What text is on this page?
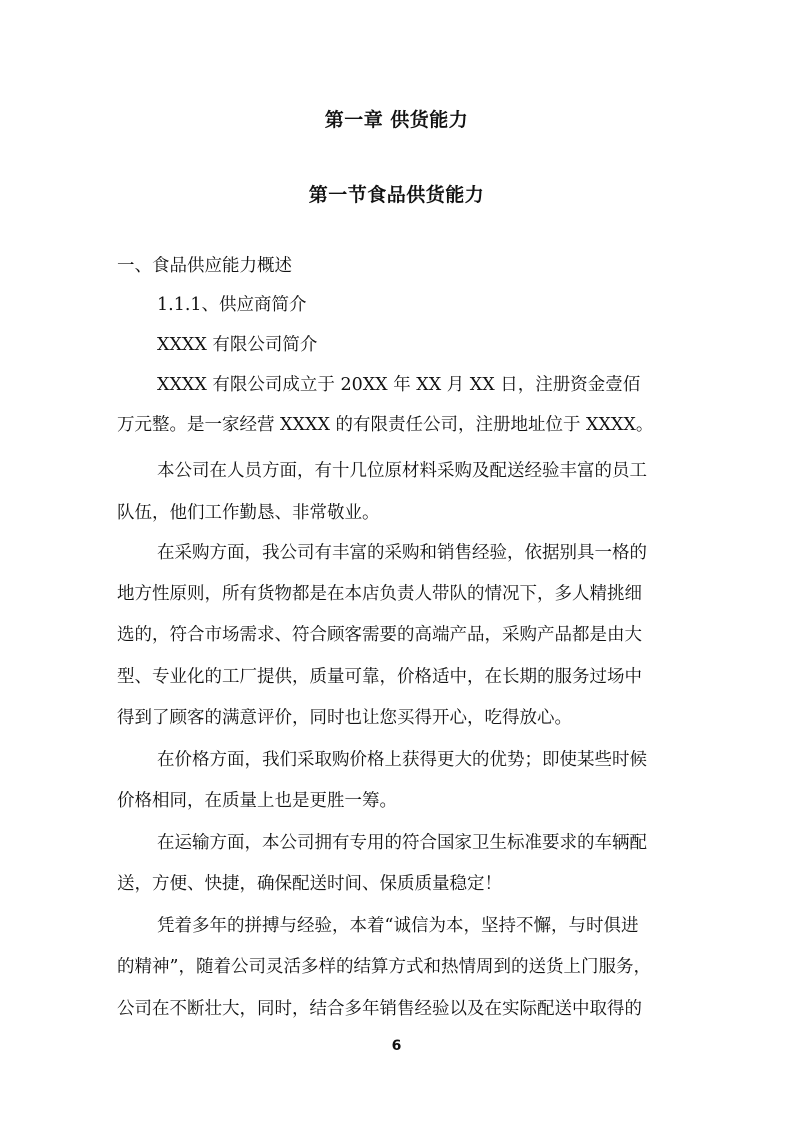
第一章 供货能力
第一节食品供货能力
一、食品供应能力概述
1.1.1、供应商简介
XXXX 有限公司简介
XXXX 有限公司成立于 20XX 年 XX 月 XX 日，注册资金壹佰
万元整。是一家经营 XXXX 的有限责任公司，注册地址位于 XXXX。
本公司在人员方面，有十几位原材料采购及配送经验丰富的员工
队伍，他们工作勤恳、非常敬业。
在采购方面，我公司有丰富的采购和销售经验，依据别具一格的
地方性原则，所有货物都是在本店负责人带队的情况下，多人精挑细
选的，符合市场需求、符合顾客需要的高端产品，采购产品都是由大
型、专业化的工厂提供，质量可靠，价格适中，在长期的服务过场中
得到了顾客的满意评价，同时也让您买得开心，吃得放心。
在价格方面，我们采取购价格上获得更大的优势；即使某些时候
价格相同，在质量上也是更胜一筹。
在运输方面，本公司拥有专用的符合国家卫生标准要求的车辆配
送，方便、快捷，确保配送时间、保质质量稳定！
凭着多年的拼搏与经验，本着“诚信为本，坚持不懈，与时俱进
的精神”，随着公司灵活多样的结算方式和热情周到的送货上门服务，
公司在不断壮大，同时，结合多年销售经验以及在实际配送中取得的
6
